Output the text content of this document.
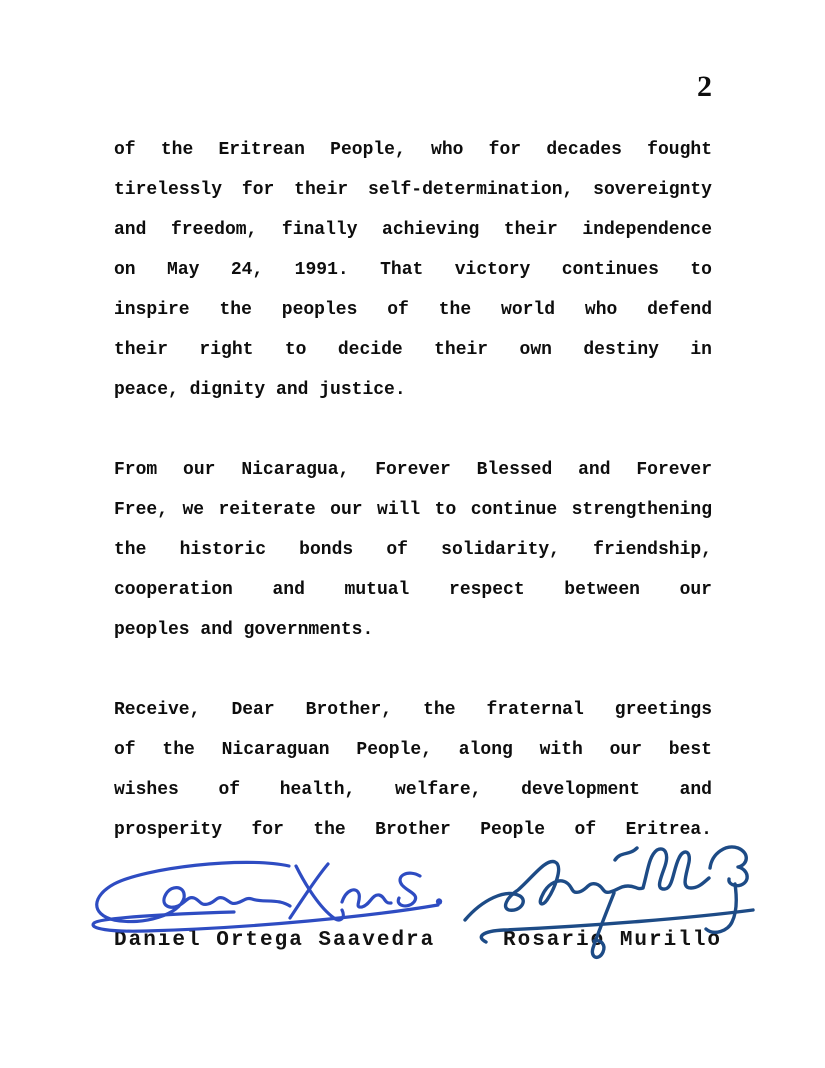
2
of the Eritrean People, who for decades fought
tirelessly for their self-determination, sovereignty
and freedom, finally achieving their independence
on May 24, 1991. That victory continues to
inspire the peoples of the world who defend
their right to decide their own destiny in
peace, dignity and justice.
From our Nicaragua, Forever Blessed and Forever
Free, we reiterate our will to continue strengthening
the historic bonds of solidarity, friendship,
cooperation and mutual respect between our
peoples and governments.
Receive, Dear Brother, the fraternal greetings
of the Nicaraguan People, along with our best
wishes of health, welfare, development and
prosperity for the Brother People of Eritrea.
Daniel Ortega Saavedra	Rosario Murillo
